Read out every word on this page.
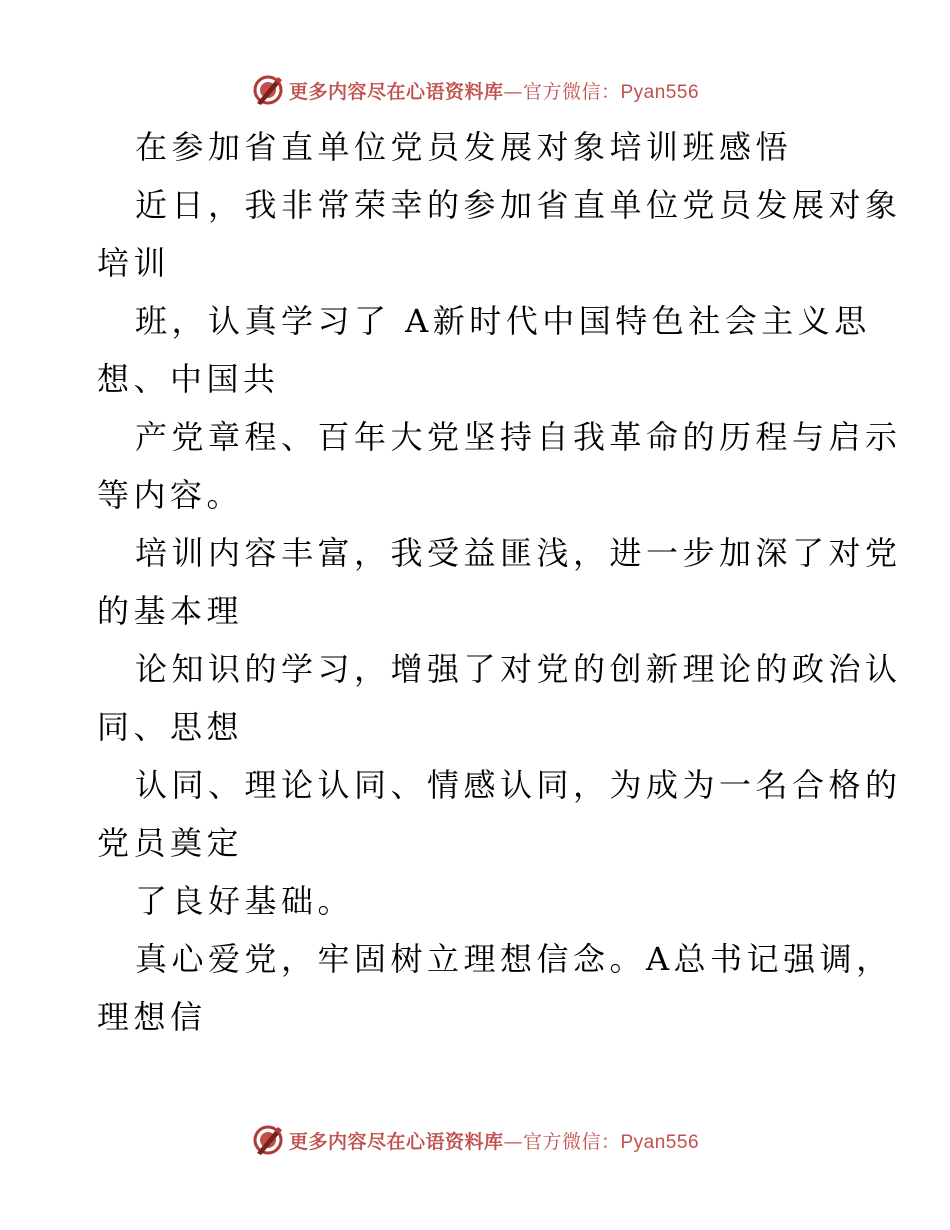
更多内容尽在心语资料库—官方微信：Pyan556
在参加省直单位党员发展对象培训班感悟
近日，我非常荣幸的参加省直单位党员发展对象
培训
班，认真学习了 A新时代中国特色社会主义思
想、中国共
产党章程、百年大党坚持自我革命的历程与启示
等内容。
培训内容丰富，我受益匪浅，进一步加深了对党
的基本理
论知识的学习，增强了对党的创新理论的政治认
同、思想
认同、理论认同、情感认同，为成为一名合格的
党员奠定
了良好基础。
真心爱党，牢固树立理想信念。A总书记强调，
理想信
更多内容尽在心语资料库—官方微信：Pyan556
